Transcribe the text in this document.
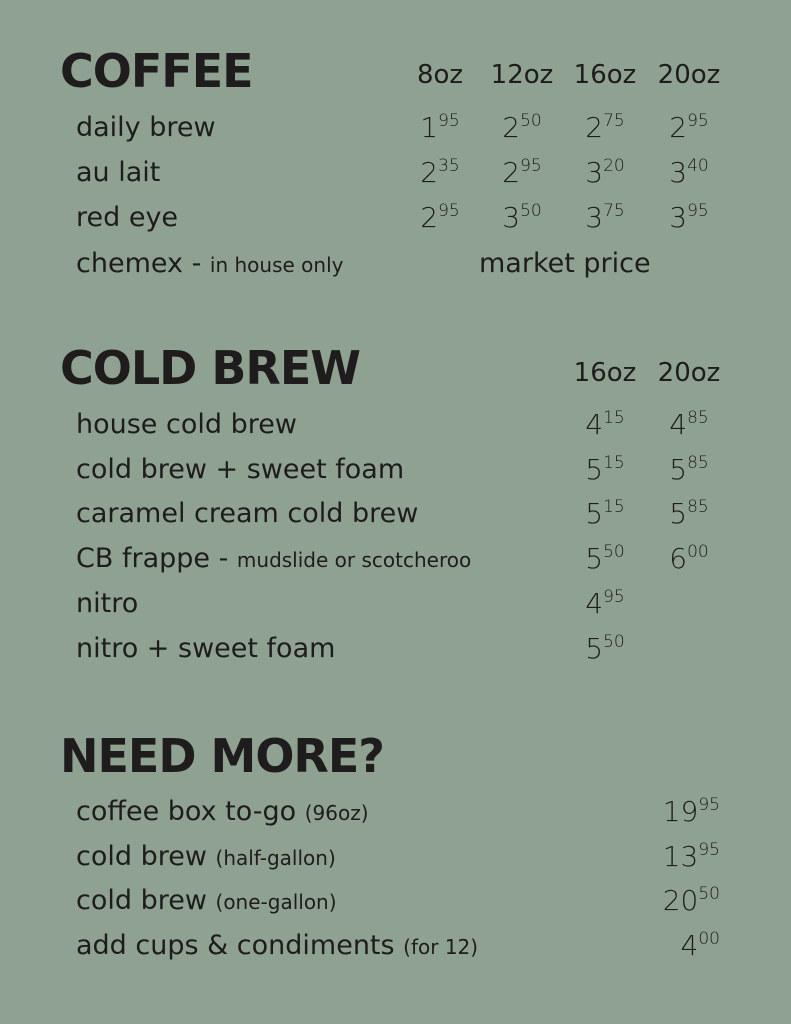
COFFEE
COLD BREW
NEED MORE?
8oz	12oz 16oz 20oz
daily brew	$1^{95}$ $2^{50}$ $2^{75}$ $2^{95}$
au lait	$2^{35}$ $2^{95}$ $3^{20}$ $3^{40}$
red eye	$2^{95}$ $3^{50}$ $3^{75}$ $3^{95}$
chemex - in house only	market price
16oz 20oz
house cold brew	$4^{15}$ $4^{85}$
cold brew + sweet foam	$5^{15}$ $5^{85}$
caramel cream cold brew	$5^{15}$ $5^{85}$
CB frappe - mudslide or scotcheroo	$5^{50}$ $6^{00}$
nitro	$4^{95}$
nitro + sweet foam	$5^{50}$
coffee box to-go (96oz)	$19^{95}$
cold brew (half-gallon)	$13^{95}$
cold brew (one-gallon)	$20^{50}$
add cups & condiments (for 12)	$4^{00}$
